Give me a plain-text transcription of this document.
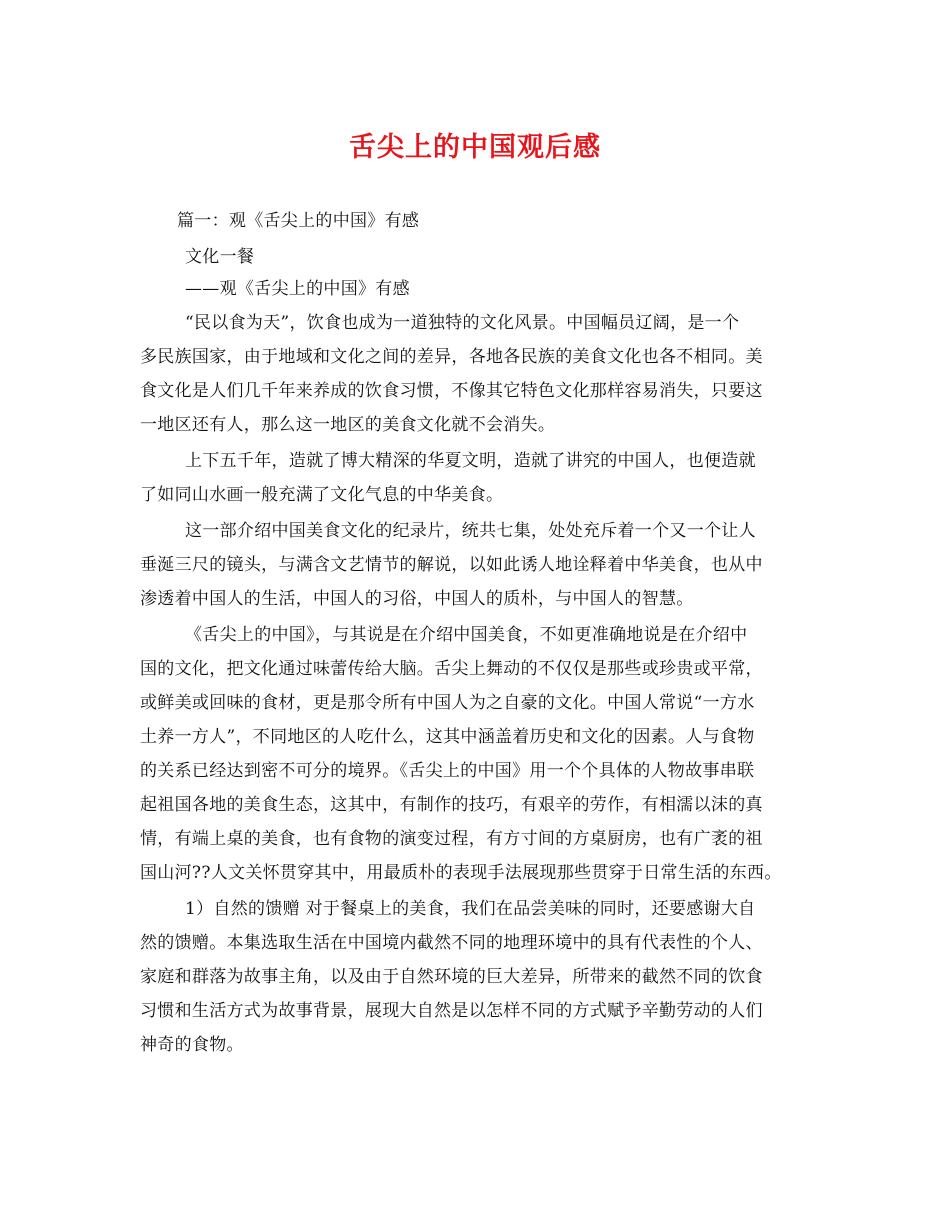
舌尖上的中国观后感
篇一：观《舌尖上的中国》有感
文化一餐
——观《舌尖上的中国》有感
“民以食为天”，饮食也成为一道独特的文化风景。中国幅员辽阔，是一个
多民族国家，由于地域和文化之间的差异，各地各民族的美食文化也各不相同。美
食文化是人们几千年来养成的饮食习惯，不像其它特色文化那样容易消失，只要这
一地区还有人，那么这一地区的美食文化就不会消失。
上下五千年，造就了博大精深的华夏文明，造就了讲究的中国人，也便造就
了如同山水画一般充满了文化气息的中华美食。
这一部介绍中国美食文化的纪录片，统共七集，处处充斥着一个又一个让人
垂涎三尺的镜头，与满含文艺情节的解说，以如此诱人地诠释着中华美食，也从中
渗透着中国人的生活，中国人的习俗，中国人的质朴，与中国人的智慧。
《舌尖上的中国》，与其说是在介绍中国美食，不如更准确地说是在介绍中
国的文化，把文化通过味蕾传给大脑。舌尖上舞动的不仅仅是那些或珍贵或平常，
或鲜美或回味的食材，更是那令所有中国人为之自豪的文化。中国人常说“一方水
土养一方人”，不同地区的人吃什么，这其中涵盖着历史和文化的因素。人与食物
的关系已经达到密不可分的境界。《舌尖上的中国》用一个个具体的人物故事串联
起祖国各地的美食生态，这其中，有制作的技巧，有艰辛的劳作，有相濡以沫的真
情，有端上桌的美食，也有食物的演变过程，有方寸间的方桌厨房，也有广袤的祖
国山河??人文关怀贯穿其中，用最质朴的表现手法展现那些贯穿于日常生活的东西。
1）自然的馈赠 对于餐桌上的美食，我们在品尝美味的同时，还要感谢大自
然的馈赠。本集选取生活在中国境内截然不同的地理环境中的具有代表性的个人、
家庭和群落为故事主角，以及由于自然环境的巨大差异，所带来的截然不同的饮食
习惯和生活方式为故事背景，展现大自然是以怎样不同的方式赋予辛勤劳动的人们
神奇的食物。
